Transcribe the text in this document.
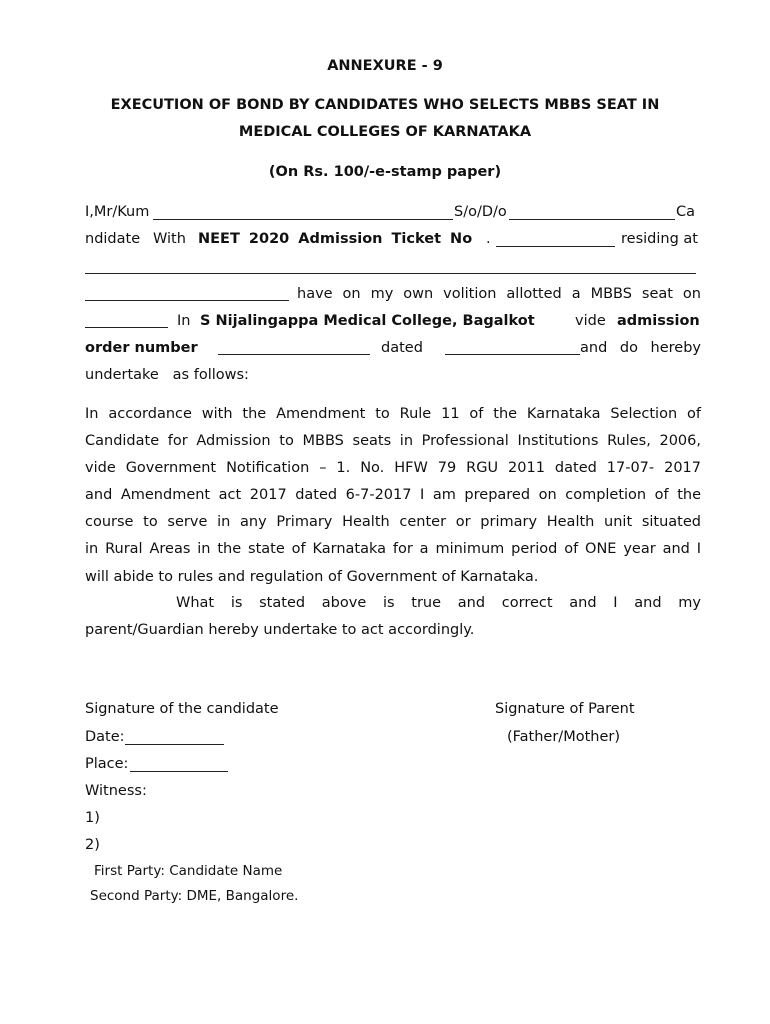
ANNEXURE - 9
EXECUTION OF BOND BY CANDIDATES WHO SELECTS MBBS SEAT IN
MEDICAL COLLEGES OF KARNATAKA
(On Rs. 100/-e-stamp paper)
I,Mr/Kum	S/o/D/o	Ca
ndidate With NEET 2020 Admission Ticket No .	residing at
have on my own volition allotted a MBBS seat on
In S Nijalingappa Medical College, Bagalkot	vide admission
order number	dated	and do hereby
undertake   as follows:
In accordance with the Amendment to Rule 11 of the Karnataka Selection of
Candidate for Admission to MBBS seats in Professional Institutions Rules, 2006,
vide Government Notification – 1. No. HFW 79 RGU 2011 dated 17-07- 2017
and Amendment act 2017 dated 6-7-2017 I am prepared on completion of the
course to serve in any Primary Health center or primary Health unit situated
in Rural Areas in the state of Karnataka for a minimum period of ONE year and I
will abide to rules and regulation of Government of Karnataka.
What is stated above is true and correct and I and my
parent/Guardian hereby undertake to act accordingly.
Signature of the candidate	Signature of Parent
Date:	(Father/Mother)
Place:
Witness:
1)
2)
First Party: Candidate Name
Second Party: DME, Bangalore.
